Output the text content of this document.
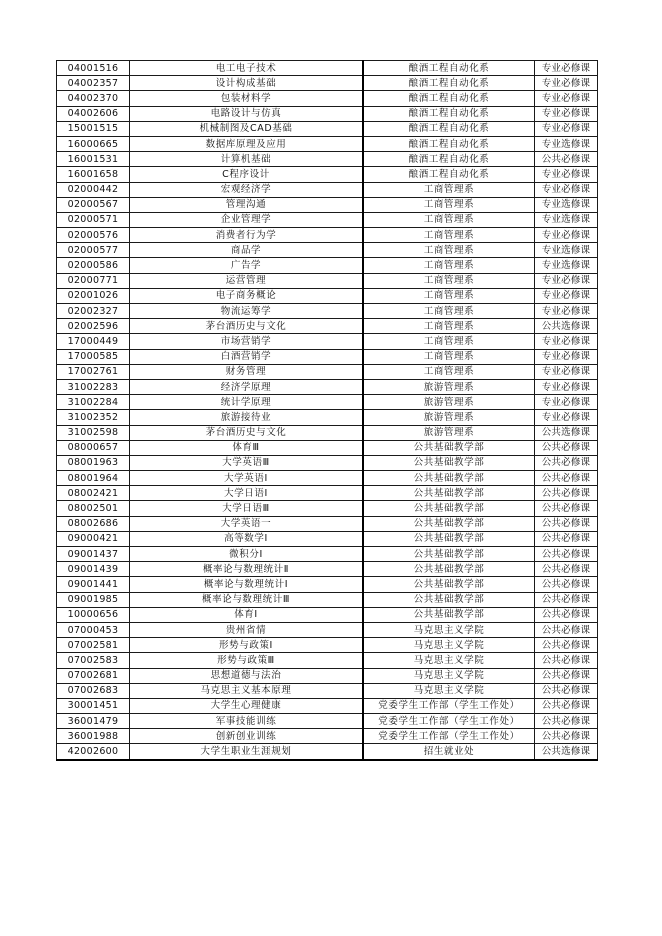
04001516	电工电子技术	酿酒工程自动化系	专业必修课
04002357	设计构成基础	酿酒工程自动化系	专业必修课
04002370	包装材料学	酿酒工程自动化系	专业必修课
04002606	电路设计与仿真	酿酒工程自动化系	专业必修课
15001515	机械制图及CAD基础	酿酒工程自动化系	专业必修课
16000665	数据库原理及应用	酿酒工程自动化系	专业选修课
16001531	计算机基础	酿酒工程自动化系	公共必修课
16001658	C程序设计	酿酒工程自动化系	专业必修课
02000442	宏观经济学	工商管理系	专业必修课
02000567	管理沟通	工商管理系	专业选修课
02000571	企业管理学	工商管理系	专业选修课
02000576	消费者行为学	工商管理系	专业必修课
02000577	商品学	工商管理系	专业选修课
02000586	广告学	工商管理系	专业选修课
02000771	运营管理	工商管理系	专业必修课
02001026	电子商务概论	工商管理系	专业必修课
02002327	物流运筹学	工商管理系	专业必修课
02002596	茅台酒历史与文化	工商管理系	公共选修课
17000449	市场营销学	工商管理系	专业必修课
17000585	白酒营销学	工商管理系	专业必修课
17002761	财务管理	工商管理系	专业必修课
31002283	经济学原理	旅游管理系	专业必修课
31002284	统计学原理	旅游管理系	专业必修课
31002352	旅游接待业	旅游管理系	专业必修课
31002598	茅台酒历史与文化	旅游管理系	公共选修课
08000657	体育Ⅲ	公共基础教学部	公共必修课
08001963	大学英语Ⅲ	公共基础教学部	公共必修课
08001964	大学英语Ⅰ	公共基础教学部	公共必修课
08002421	大学日语Ⅰ	公共基础教学部	公共必修课
08002501	大学日语Ⅲ	公共基础教学部	公共必修课
08002686	大学英语一	公共基础教学部	公共必修课
09000421	高等数学Ⅰ	公共基础教学部	公共必修课
09001437	微积分Ⅰ	公共基础教学部	公共必修课
09001439	概率论与数理统计Ⅱ	公共基础教学部	公共必修课
09001441	概率论与数理统计Ⅰ	公共基础教学部	公共必修课
09001985	概率论与数理统计Ⅲ	公共基础教学部	公共必修课
10000656	体育Ⅰ	公共基础教学部	公共必修课
07000453	贵州省情	马克思主义学院	公共必修课
07002581	形势与政策Ⅰ	马克思主义学院	公共必修课
07002583	形势与政策Ⅲ	马克思主义学院	公共必修课
07002681	思想道德与法治	马克思主义学院	公共必修课
07002683	马克思主义基本原理	马克思主义学院	公共必修课
30001451	大学生心理健康	党委学生工作部（学生工作处）	公共必修课
36001479	军事技能训练	党委学生工作部（学生工作处）	公共必修课
36001988	创新创业训练	党委学生工作部（学生工作处）	公共必修课
42002600	大学生职业生涯规划	招生就业处	公共选修课
